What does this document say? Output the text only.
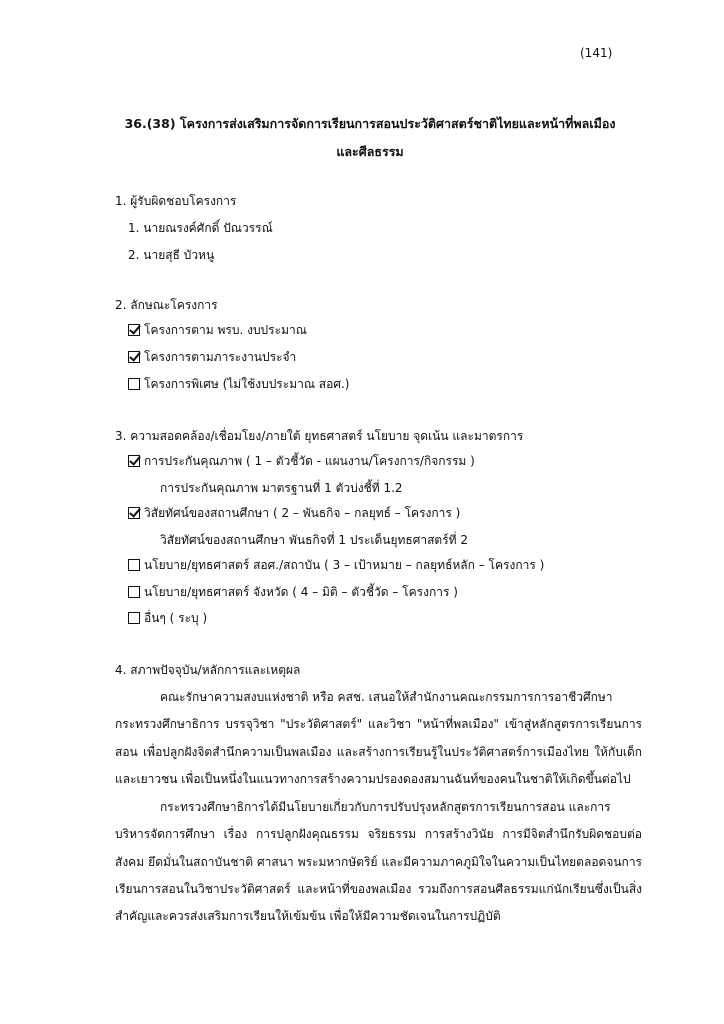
(141)
36.(38) โครงการส่งเสริมการจัดการเรียนการสอนประวัติศาสตร์ชาติไทยและหน้าที่พลเมือง
และศีลธรรม
1. ผู้รับผิดชอบโครงการ
1. นายณรงค์ศักดิ์ ปัณวรรณ์
2. นายสุธี บัวหนู
2. ลักษณะโครงการ
โครงการตาม พรบ. งบประมาณ
โครงการตามภาระงานประจำ
โครงการพิเศษ (ไม่ใช้งบประมาณ สอศ.)
3. ความสอดคล้อง/เชื่อมโยง/ภายใต้ ยุทธศาสตร์ นโยบาย จุดเน้น และมาตรการ
การประกันคุณภาพ ( 1 – ตัวชี้วัด - แผนงาน/โครงการ/กิจกรรม )
การประกันคุณภาพ มาตรฐานที่ 1 ตัวบ่งชี้ที่ 1.2
วิสัยทัศน์ของสถานศึกษา ( 2 – พันธกิจ – กลยุทธ์ – โครงการ )
วิสัยทัศน์ของสถานศึกษา พันธกิจที่ 1 ประเด็นยุทธศาสตร์ที่ 2
นโยบาย/ยุทธศาสตร์ สอศ./สถาบัน ( 3 – เป้าหมาย – กลยุทธ์หลัก – โครงการ )
นโยบาย/ยุทธศาสตร์ จังหวัด ( 4 – มิติ – ตัวชี้วัด – โครงการ )
อื่นๆ ( ระบุ )
4. สภาพปัจจุบัน/หลักการและเหตุผล
คณะรักษาความสงบแห่งชาติ หรือ คสช. เสนอให้สำนักงานคณะกรรมการการอาชีวศึกษา
กระทรวงศึกษาธิการ บรรจุวิชา "ประวัติศาสตร์" และวิชา "หน้าที่พลเมือง" เข้าสู่หลักสูตรการเรียนการสอน เพื่อปลูกฝังจิตสำนึกความเป็นพลเมือง และสร้างการเรียนรู้ในประวัติศาสตร์การเมืองไทย ให้กับเด็กและเยาวชน เพื่อเป็นหนึ่งในแนวทางการสร้างความปรองดองสมานฉันท์ของคนในชาติให้เกิดขึ้นต่อไป
กระทรวงศึกษาธิการได้มีนโยบายเกี่ยวกับการปรับปรุงหลักสูตรการเรียนการสอน และการ
บริหารจัดการศึกษา เรื่อง การปลูกฝังคุณธรรม จริยธรรม การสร้างวินัย การมีจิตสำนึกรับผิดชอบต่อสังคม ยึดมั่นในสถาบันชาติ ศาสนา พระมหากษัตริย์ และมีความภาคภูมิใจในความเป็นไทยตลอดจนการเรียนการสอนในวิชาประวัติศาสตร์ และหน้าที่ของพลเมือง รวมถึงการสอนศีลธรรมแก่นักเรียนซึ่งเป็นสิ่งสำคัญและควรส่งเสริมการเรียนให้เข้มข้น เพื่อให้มีความชัดเจนในการปฏิบัติ
